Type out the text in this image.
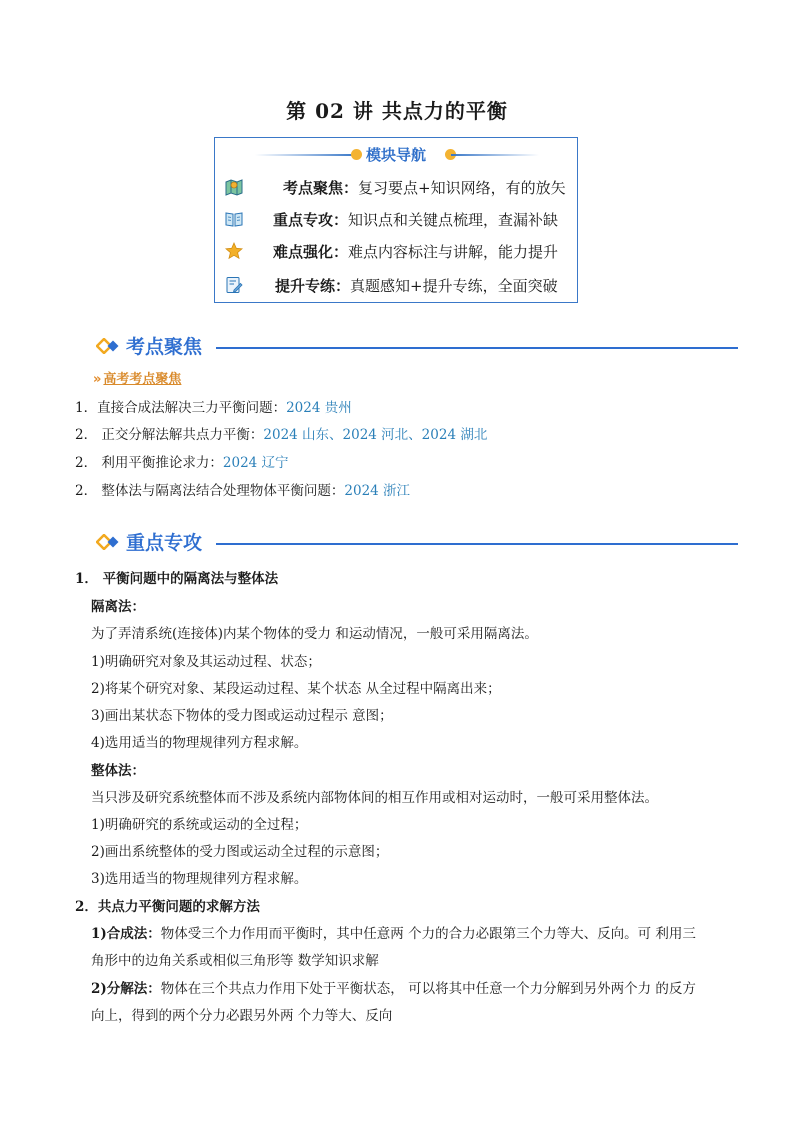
第 02 讲 共点力的平衡
模块导航
考点聚焦： 复习要点+知识网络，有的放矢
重点专攻： 知识点和关键点梳理，查漏补缺
难点强化： 难点内容标注与讲解，能力提升
提升专练： 真题感知+提升专练，全面突破
考点聚焦
» 高考考点聚焦
1．直接合成法解决三力平衡问题：2024 贵州
2． 正交分解法解共点力平衡：2024 山东、2024 河北、2024 湖北
2． 利用平衡推论求力：2024 辽宁
2． 整体法与隔离法结合处理物体平衡问题：2024 浙江
重点专攻
1． 平衡问题中的隔离法与整体法
隔离法：
为了弄清系统(连接体)内某个物体的受力 和运动情况，一般可采用隔离法。
1)明确研究对象及其运动过程、状态；
2)将某个研究对象、某段运动过程、某个状态 从全过程中隔离出来；
3)画出某状态下物体的受力图或运动过程示 意图；
4)选用适当的物理规律列方程求解。
整体法：
当只涉及研究系统整体而不涉及系统内部物体间的相互作用或相对运动时，一般可采用整体法。
1)明确研究的系统或运动的全过程；
2)画出系统整体的受力图或运动全过程的示意图；
3)选用适当的物理规律列方程求解。
2．共点力平衡问题的求解方法
1)合成法：物体受三个力作用而平衡时，其中任意两 个力的合力必跟第三个力等大、反向。可 利用三
角形中的边角关系或相似三角形等 数学知识求解
2)分解法：物体在三个共点力作用下处于平衡状态， 可以将其中任意一个力分解到另外两个力 的反方
向上，得到的两个分力必跟另外两 个力等大、反向
